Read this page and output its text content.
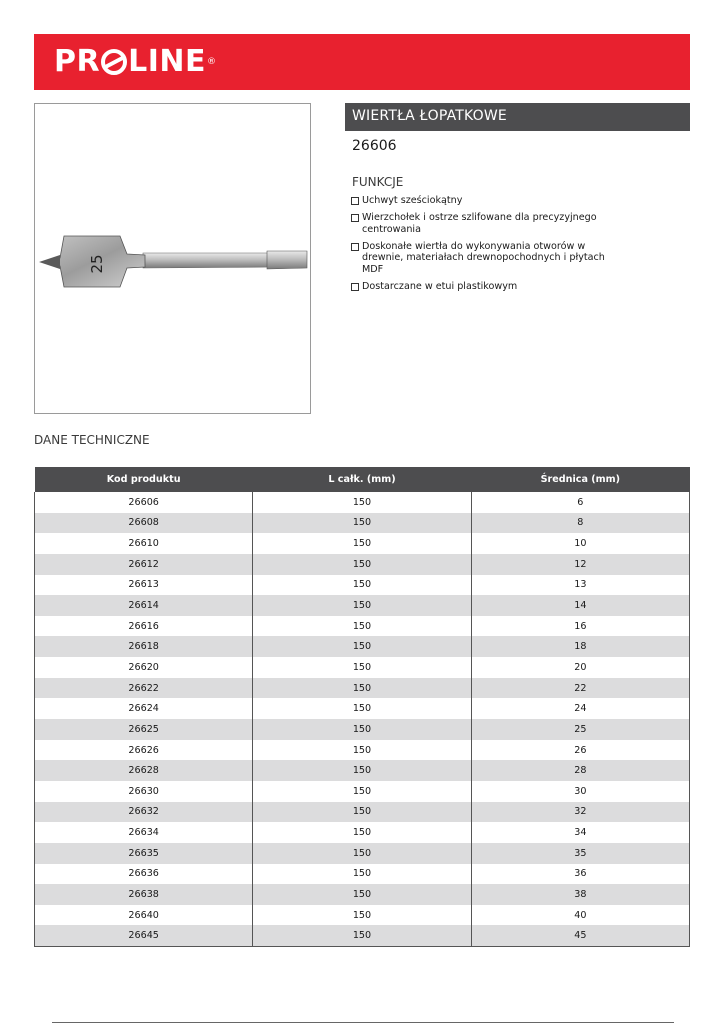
PR LINE ®
25
WIERTŁA ŁOPATKOWE
26606
FUNKCJE
Uchwyt sześciokątny
Wierzchołek i ostrze szlifowane dla precyzyjnego centrowania
Doskonałe wiertła do wykonywania otworów w drewnie, materiałach drewnopochodnych i płytach MDF
Dostarczane w etui plastikowym
DANE TECHNICZNE
Kod produktu	L całk. (mm)	Średnica (mm)
26606	150	6
26608	150	8
26610	150	10
26612	150	12
26613	150	13
26614	150	14
26616	150	16
26618	150	18
26620	150	20
26622	150	22
26624	150	24
26625	150	25
26626	150	26
26628	150	28
26630	150	30
26632	150	32
26634	150	34
26635	150	35
26636	150	36
26638	150	38
26640	150	40
26645	150	45
